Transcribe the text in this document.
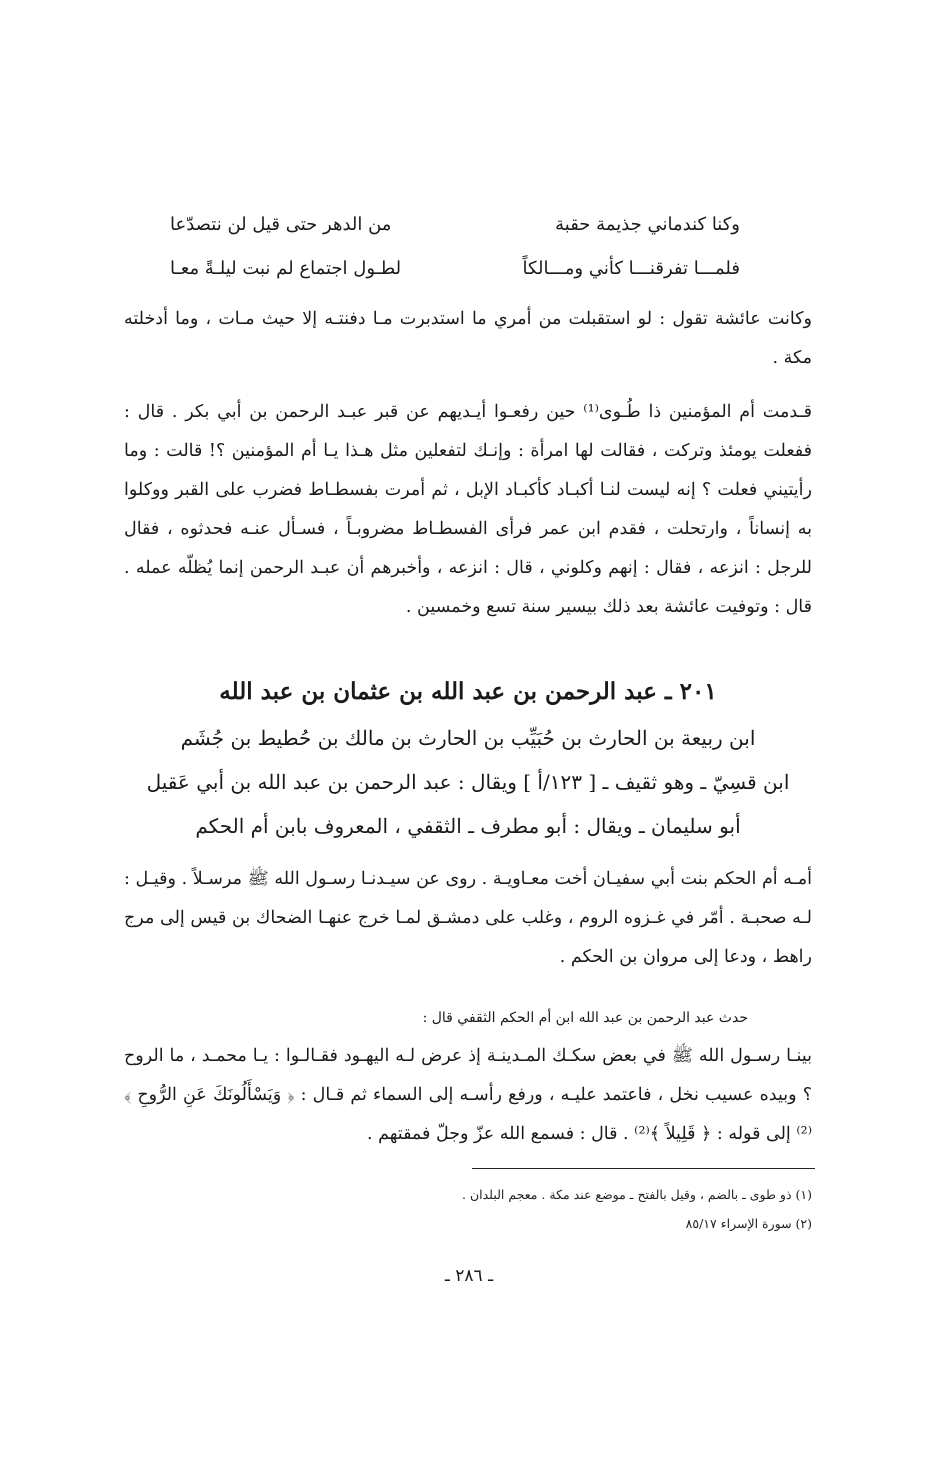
وكنا كندماني جذيمة حقبة
من الدهر حتى قيل لن نتصدّعا
فلمـــا تفرقنـــا كأني ومـــالكاً
لطـول اجتماع لم نبت ليلـةً معـا

وكانت عائشة تقول : لو استقبلت من أمري ما استدبرت مـا دفنتـه إلا حيث مـات ، وما أدخلته مكة .

قـدمت أم المؤمنين ذا طُـوى⁽¹⁾ حين رفعـوا أيـديهم عن قبر عبـد الرحمن بن أبي بكر . قال : ففعلت يومئذ وتركت ، فقالت لها امرأة : وإنـك لتفعلين مثل هـذا يـا أم المؤمنين ؟! قالت : وما رأيتيني فعلت ؟ إنه ليست لنـا أكبـاد كأكبـاد الإبل ، ثم أمرت بفسطـاط فضرب على القبر ووكلوا به إنساناً ، وارتحلت ، فقدم ابن عمر فرأى الفسطـاط مضروبـاً ، فسـأل عنـه فحدثوه ، فقال للرجل : انزعه ، فقال : إنهم وكلوني ، قال : انزعه ، وأخبرهم أن عبـد الرحمن إنما يُظلّه عمله . قال : وتوفيت عائشة بعد ذلك بيسير سنة تسع وخمسين .

٢٠١ ـ عبد الرحمن بن عبد الله بن عثمان بن عبد الله
ابن ربيعة بن الحارث بن حُبَيِّب بن الحارث بن مالك بن حُطيط بن جُشَم
ابن قسِيّ ـ وهو ثقيف ـ [ ١٢٣/أ ] ويقال : عبد الرحمن بن عبد الله بن أبي عَقيل
أبو سليمان ـ ويقال : أبو مطرف ـ الثقفي ، المعروف بابن أم الحكم

أمـه أم الحكم بنت أبي سفيـان أخت معـاويـة . روى عن سيـدنـا رسـول الله ﷺ مرسـلاً . وقيـل : لـه صحبـة . أمّر في غـزوه الروم ، وغلب على دمشـق لمـا خرج عنهـا الضحاك بن قيس إلى مرج راهط ، ودعا إلى مروان بن الحكم .

حدث عبد الرحمن بن عبد الله ابن أم الحكم الثقفي قال :

بينـا رسـول الله ﷺ في بعض سكـك المـدينـة إذ عرض لـه اليهـود فقـالـوا : يـا محمـد ، ما الروح ؟ وبيده عسيب نخل ، فاعتمد عليـه ، ورفع رأسـه إلى السماء ثم قـال : ﴿ وَيَسْأَلُونَكَ عَنِ الرُّوحِ ﴾⁽²⁾ إلى قوله : ﴿ قَلِيلاً ﴾⁽²⁾ . قال : فسمع الله عزّ وجلّ فمقتهم .

(١) ذو طوى ـ بالضم ، وقيل بالفتح ـ موضع عند مكة . معجم البلدان .
(٢) سورة الإسراء ٨٥/١٧
ـ ٢٨٦ ـ
